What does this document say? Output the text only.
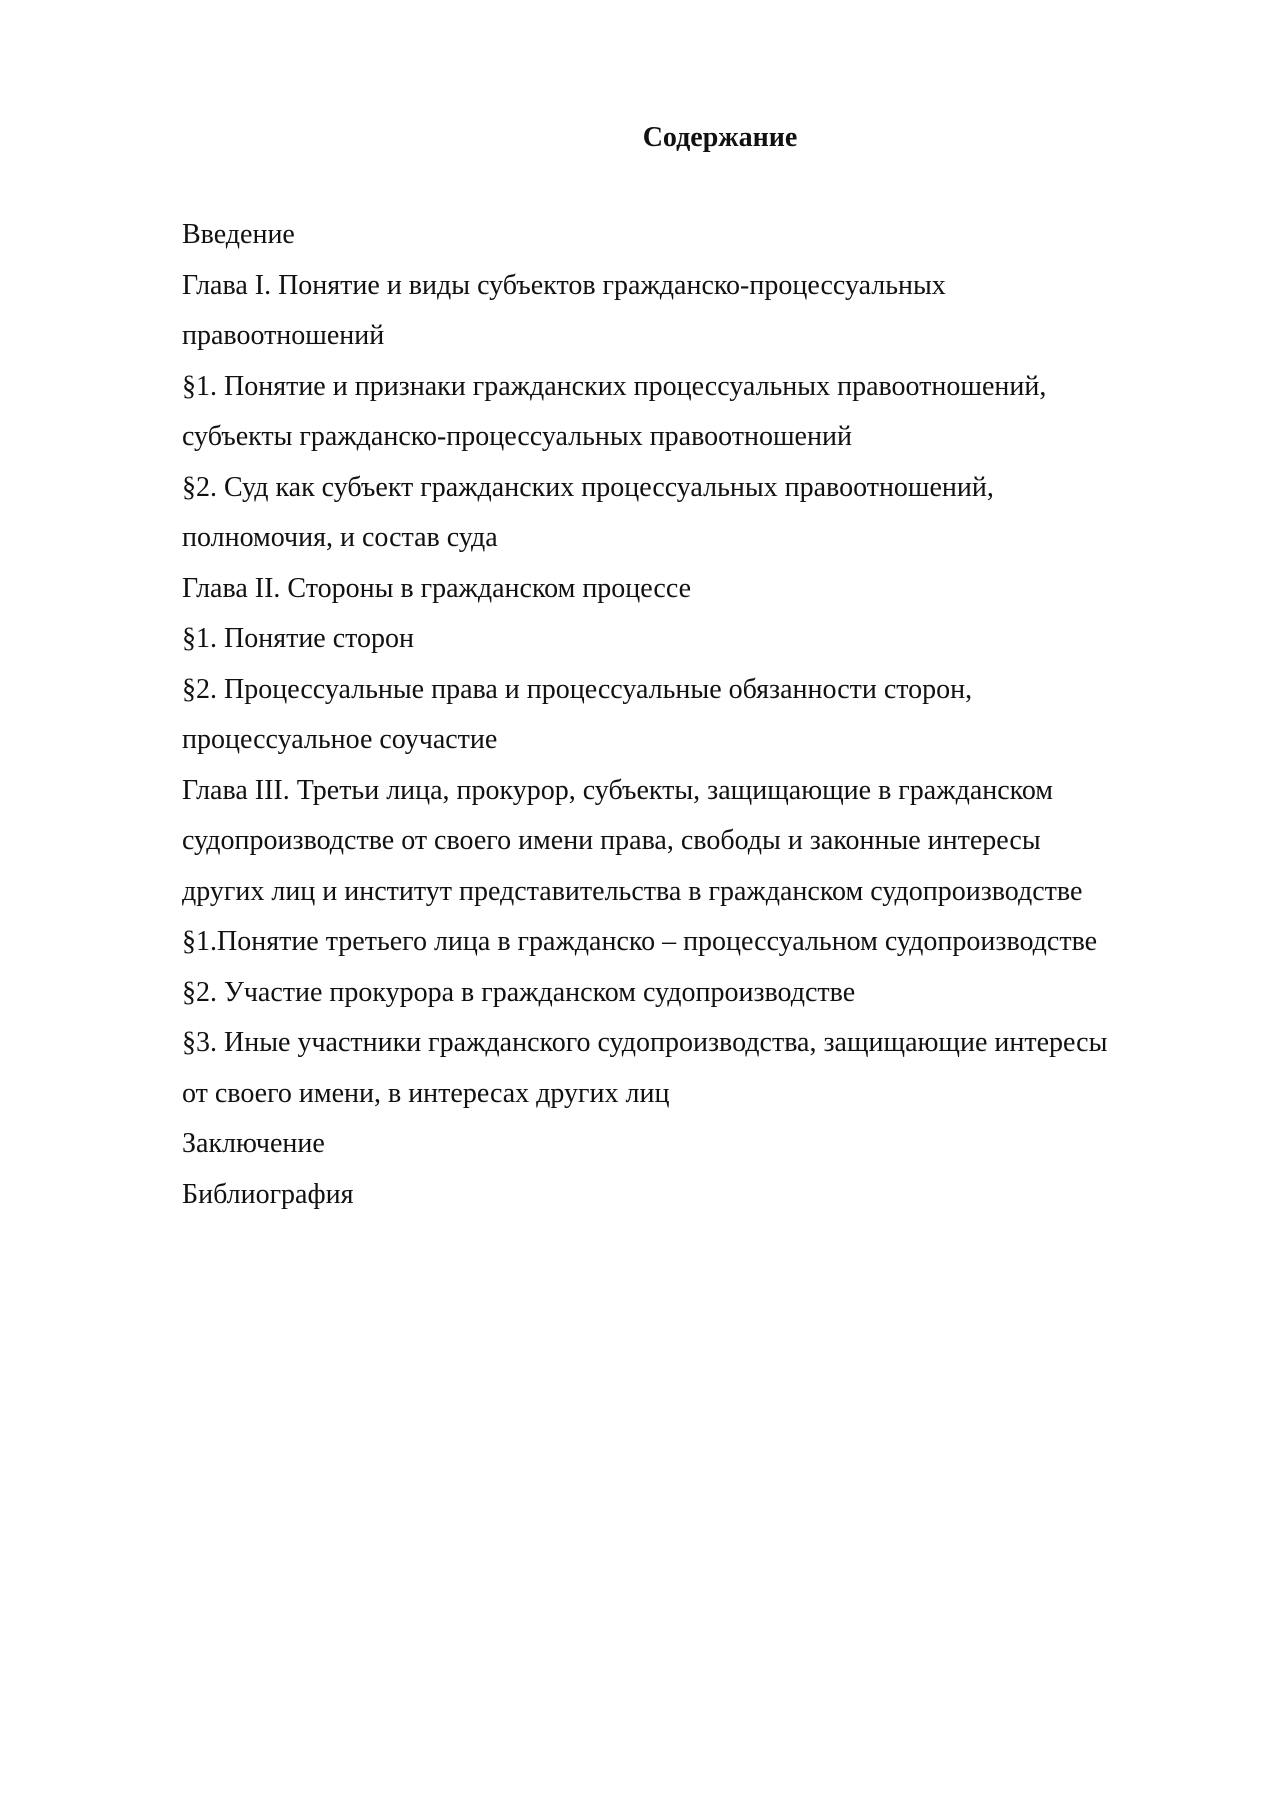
Содержание

Введение

Глава I. Понятие и виды субъектов гражданско-процессуальных

правоотношений

§1. Понятие и признаки гражданских процессуальных правоотношений,

субъекты гражданско-процессуальных правоотношений

§2. Суд как субъект гражданских процессуальных правоотношений,

полномочия, и состав суда

Глава II. Стороны в гражданском процессе

§1. Понятие сторон

§2. Процессуальные права и процессуальные обязанности сторон,

процессуальное соучастие

Глава III. Третьи лица, прокурор, субъекты, защищающие в гражданском

судопроизводстве от своего имени права, свободы и законные интересы

других лиц и институт представительства в гражданском судопроизводстве

§1.Понятие третьего лица в гражданско – процессуальном судопроизводстве

§2. Участие прокурора в гражданском судопроизводстве

§3. Иные участники гражданского судопроизводства, защищающие интересы

от своего имени, в интересах других лиц

Заключение

Библиография
